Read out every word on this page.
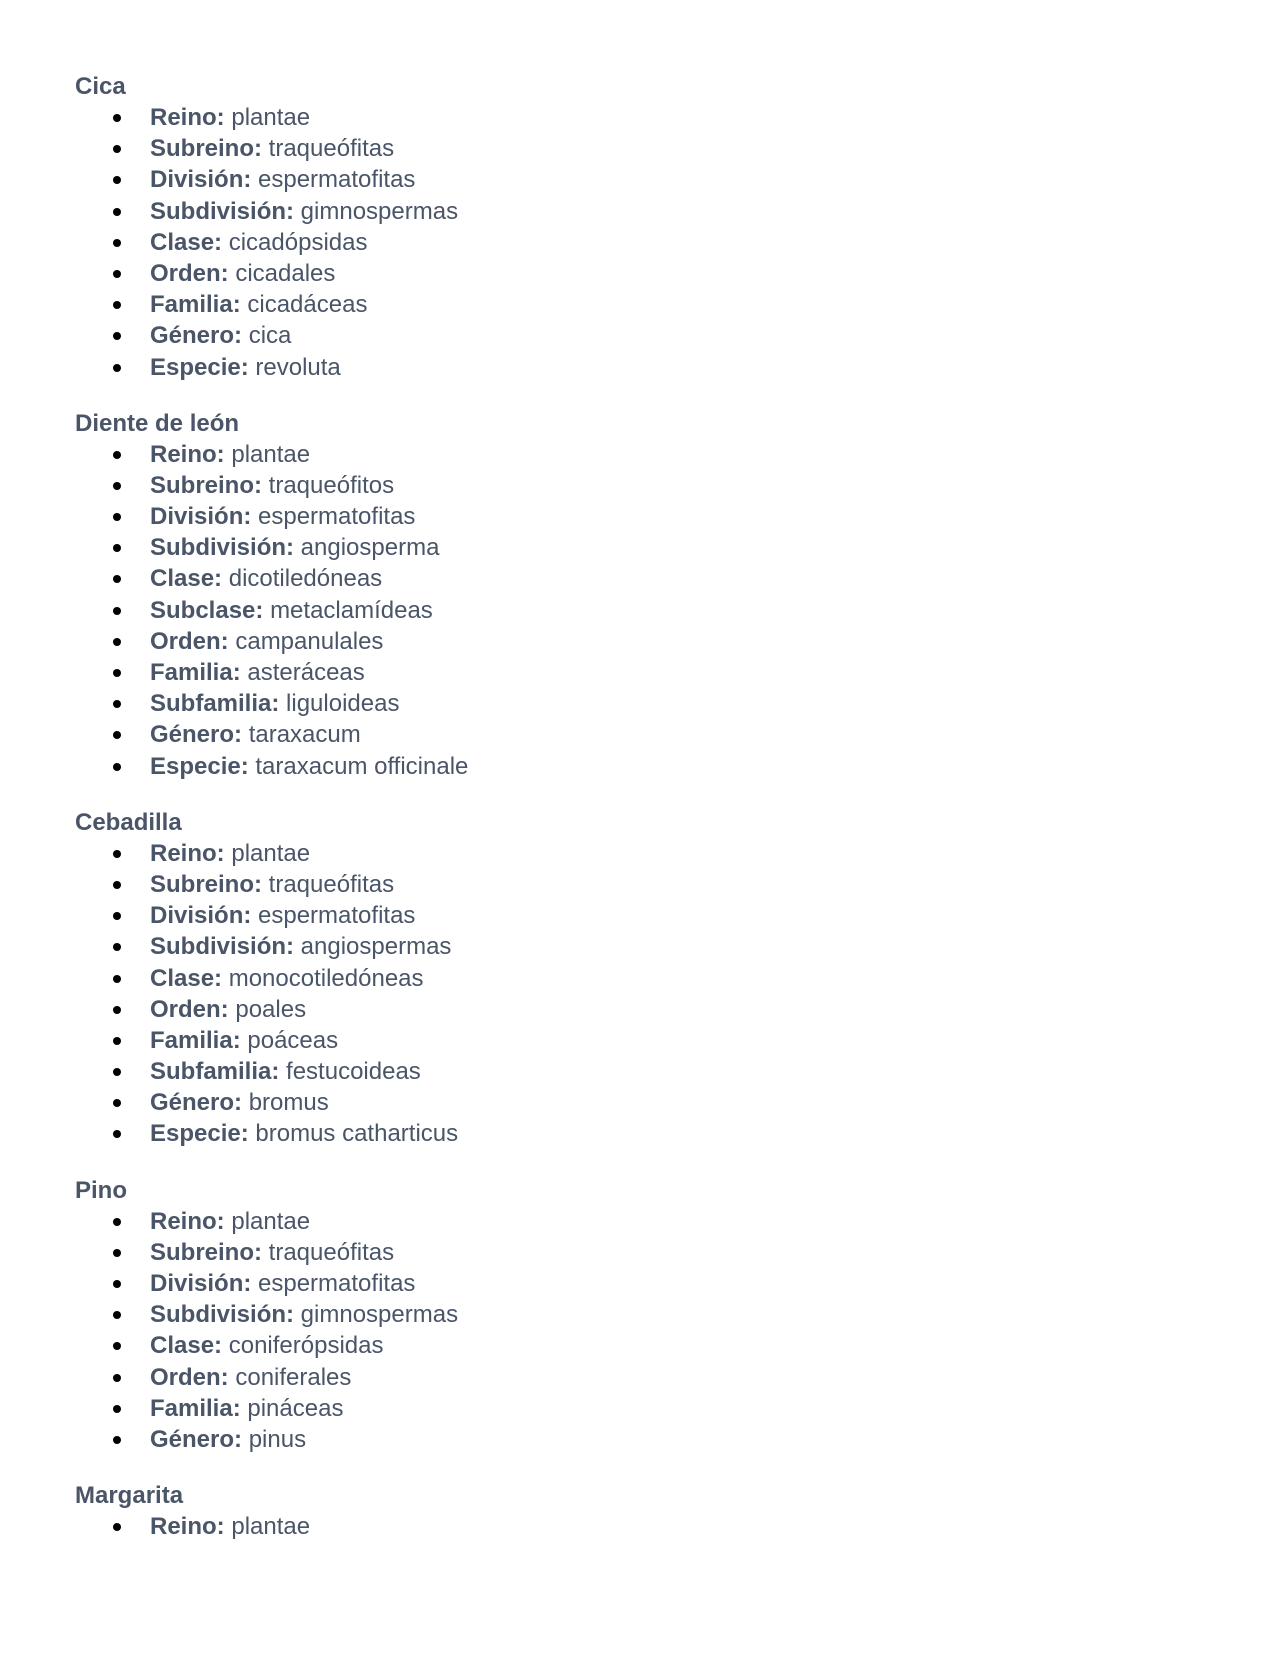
Cica
Reino: plantae
Subreino: traqueófitas
División: espermatofitas
Subdivisión: gimnospermas
Clase: cicadópsidas
Orden: cicadales
Familia: cicadáceas
Género: cica
Especie: revoluta
Diente de león
Reino: plantae
Subreino: traqueófitos
División: espermatofitas
Subdivisión: angiosperma
Clase: dicotiledóneas
Subclase: metaclamídeas
Orden: campanulales
Familia: asteráceas
Subfamilia: liguloideas
Género: taraxacum
Especie: taraxacum officinale
Cebadilla
Reino: plantae
Subreino: traqueófitas
División: espermatofitas
Subdivisión: angiospermas
Clase: monocotiledóneas
Orden: poales
Familia: poáceas
Subfamilia: festucoideas
Género: bromus
Especie: bromus catharticus
Pino
Reino: plantae
Subreino: traqueófitas
División: espermatofitas
Subdivisión: gimnospermas
Clase: coniferópsidas
Orden: coniferales
Familia: pináceas
Género: pinus
Margarita
Reino: plantae
